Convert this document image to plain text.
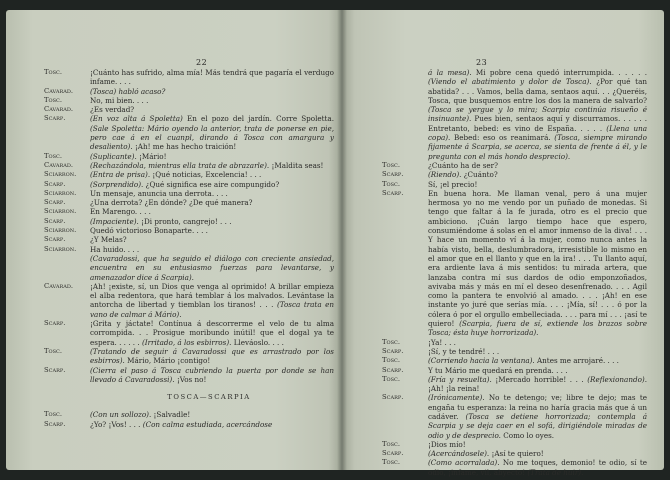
22
Tosc.	¡Cuánto has sufrido, alma mía! Más tendrá que pagaría el verdugo infame. . . .
Cavarad.	(Tosca) habló acaso?
Tosc.	No, mi bien. . . .
Cavarad.	¿Es verdad?
Scarp.	(En voz alta á Spoletta) En el pozo del jardín. Corre Spoletta. (Sale Spoletta: Mário oyendo la anterior, trata de ponerse en pie, pero cae á en el cuanpl, dirando á Tosca con amargura y desaliento). ¡Ah! me has hecho traición!
Tosc.	(Suplicante). ¡Mário!
Cavarad.	(Rechazándola, mientras ella trata de abrazarle). ¡Maldita seas!
Sciarron.	(Entra de prisa). ¡Qué noticias, Excelencia! . . .
Scarp.	(Sorprendido). ¿Qué significa ese aire compungido?
Sciarron.	Un mensaje, anuncia una derrota. . . .
Scarp.	¿Una derrota? ¿En dónde? ¿De qué manera?
Sciarron.	En Marengo. . . .
Scarp.	(Impaciente). ¡Di pronto, cangrejo! . . .
Sciarron.	Quedó victorioso Bonaparte. . . .
Scarp.	¿Y Melas?
Sciarron.	Ha huido. . . .
(Cavaradossi, que ha seguido el diálogo con creciente ansiedad, encuentra en su entusiasmo fuerzas para levantarse, y amenazador dice á Scarpia).
Cavarad.	¡Ah! ¡existe, sí, un Dios que venga al oprimido! A brillar empieza el alba redentora, que hará temblar á los malvados. Levántase la antorcha de libertad y tiemblan los tiranos! . . . (Tosca trata en vano de calmar á Mário).
Scarp.	¡Grita y jáctate! Contínua á descorrerme el velo de tu alma corrompida. . . Prosigue moribundo inútil! que el dogal ya te espera. . . . . . (Irritado, á los esbirros). Lleváoslo. . . .
Tosc.	(Tratando de seguir á Cavaradossi que es arrastrado por los esbirros). Mário, Mário ¡contigo!
Scarp.	(Cierra el paso á Tosca cubriendo la puerta por donde se han llevado á Cavaradossi). ¡Vos no!
TOSCA—SCARPIA
Tosc.	(Con un sollozo). ¡Salvadle!
Scarp.	¿Yo? ¡Vos! . . . (Con calma estudiada, acercándose
23
á la mesa). Mi pobre cena quedó interrumpida. . . . . . (Viendo el abatimiento y dolor de Tosca). ¿Por qué tan abatida? . . . Vamos, bella dama, sentaos aquí. . . ¿Queréis, Tosca, que busquemos entre los dos la manera de salvarlo? (Tosca se yergue y lo mira; Scarpia continúa risueño é insinuante). Pues bien, sentaos aquí y discurramos. . . . . . Entretanto, bebed: es vino de España. . . . . (Llena una copa). Bebed: eso os reanimará. (Tosca, siempre mirando fijamente á Scarpia, se acerca, se sienta de frente á él, y le pregunta con el más hondo desprecio).
Tosc.	¿Cuánto ha de ser?
Scarp.	(Riendo). ¿Cuánto?
Tosc.	Sí, ¡el precio!
Scarp.	En buena hora. Me llaman venal, pero á una mujer hermosa yo no me vendo por un puñado de monedas. Si tengo que faltar á la fe jurada, otro es el precio que ambiciono. ¡Cuán largo tiempo hace que espero, consumiéndome á solas en el amor inmenso de la diva! . . . Y hace un momento ví á la mujer, como nunca antes la había visto, bella, deslumbradora, irresistible lo mismo en el amor que en el llanto y que en la ira! . . . Tu llanto aquí, era ardiente lava á mis sentidos: tu mirada artera, que lanzaba contra mí sus dardos de odio emponzoñados, avivaba más y más en mí el deseo desenfrenado. . . . Agil como la pantera te envolvió al amado. . . . ¡Ah! en ese instante yo juré que serías mía. . . . ¡Mía, sí! . . . ó por la cólera ó por el orgullo embelleciada. . . . para mí . . . ¡así te quiero! (Scarpia, fuera de sí, extiende los brazos sobre Tosca; ésta huye horrorizada).
Tosc.	¡Ya! . . .
Scarp.	¡Sí, y te tendré! . . .
Tosc.	(Corriendo hacia la ventana). Antes me arrojaré. . . .
Scarp.	Y tu Mário me quedará en prenda. . . .
Tosc.	(Fría y resuelta). ¡Mercado horrible! . . . (Reflexionando). ¡Ah! ¡la reina!
Scarp.	(Irónicamente). No te detengo; ve; libre te dejo; mas te engaña tu esperanza: la reina no haría gracia más que á un cadáver. (Tosca se detiene horrorizada; contempla á Scarpia y se deja caer en el sofá, dirigiéndole miradas de odio y de desprecio. Como lo oyes.
Tosc.	¡Dios mío!
Scarp.	(Acercándosele). ¡Así te quiero!
Tosc.	(Como acorralada). No me toques, demonio! te odio, sí te odio, ¡infame, vil, abyecto! (Trata de huir).
